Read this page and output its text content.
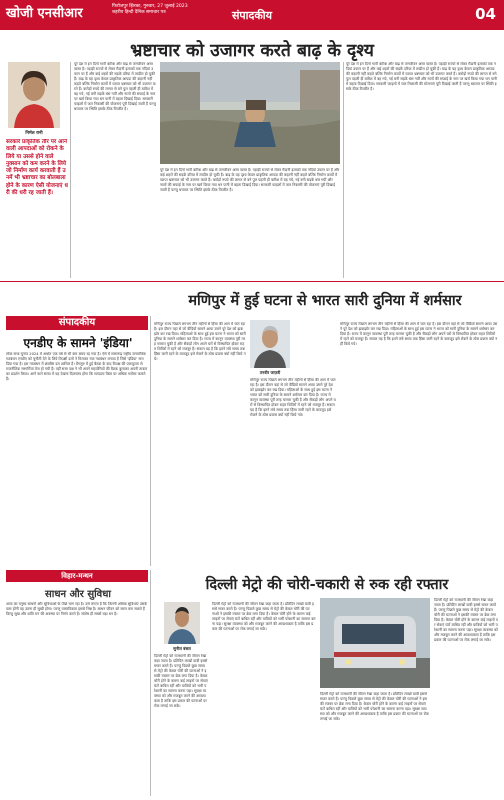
खोजी एनसीआर	फिरोजपुर झिरका, गुरुवार, 27 जुलाई 2023
शहरीय हिन्दी दैनिक समाचार पत्र	संपादकीय	04
भ्रष्टाचार को उजागर करते बाढ़ के दृश्य
निर्मल रानी
सरकारें प्राकृतिक तौर पर आने वाली आपदाओं को रोकने के लिये या उससे होने वाले नुक्सान को कम करने के लिये जो निर्माण कार्य करवाती हैं उनमें भी भ्रष्टाचार का बोलबाला होने के कारण ऐसी योजनाएं धरी की धरी रह जाती हैं।
पूरे देश में इन दिनों भारी बारिश और बाढ़ से जनजीवन अस्त व्यस्त है। पहाड़ी राज्यों से लेकर मैदानी इलाकों तक नदियां उफान पर हैं और कई शहरों की सड़कें दरिया में तब्दील हो चुकी हैं। बाढ़ के यह दृश्य केवल प्राकृतिक आपदा की कहानी नहीं कहते बल्कि निर्माण कार्यों में व्याप्त भ्रष्टाचार को भी उजागर करते हैं। करोड़ों रुपये की लागत से बने पुल पहली ही बारिश में बह गये, नई बनी सड़कें धंस गयीं और नालों की सफाई के नाम पर खर्च किया गया धन पानी में बहता दिखाई दिया। सरकारी फाइलों में जल निकासी की योजनाएं पूरी दिखाई जाती हैं परन्तु धरातल पर स्थिति इसके ठीक विपरीत है।
पूरे देश में इन दिनों भारी बारिश और बाढ़ से जनजीवन अस्त व्यस्त है। पहाड़ी राज्यों से लेकर मैदानी इलाकों तक नदियां उफान पर हैं और कई शहरों की सड़कें दरिया में तब्दील हो चुकी हैं। बाढ़ के यह दृश्य केवल प्राकृतिक आपदा की कहानी नहीं कहते बल्कि निर्माण कार्यों में व्याप्त भ्रष्टाचार को भी उजागर करते हैं। करोड़ों रुपये की लागत से बने पुल पहली ही बारिश में बह गये, नई बनी सड़कें धंस गयीं और नालों की सफाई के नाम पर खर्च किया गया धन पानी में बहता दिखाई दिया। सरकारी फाइलों में जल निकासी की योजनाएं पूरी दिखाई जाती हैं परन्तु धरातल पर स्थिति इसके ठीक विपरीत है।
पूरे देश में इन दिनों भारी बारिश और बाढ़ से जनजीवन अस्त व्यस्त है। पहाड़ी राज्यों से लेकर मैदानी इलाकों तक नदियां उफान पर हैं और कई शहरों की सड़कें दरिया में तब्दील हो चुकी हैं। बाढ़ के यह दृश्य केवल प्राकृतिक आपदा की कहानी नहीं कहते बल्कि निर्माण कार्यों में व्याप्त भ्रष्टाचार को भी उजागर करते हैं। करोड़ों रुपये की लागत से बने पुल पहली ही बारिश में बह गये, नई बनी सड़कें धंस गयीं और नालों की सफाई के नाम पर खर्च किया गया धन पानी में बहता दिखाई दिया। सरकारी फाइलों में जल निकासी की योजनाएं पूरी दिखाई जाती हैं परन्तु धरातल पर स्थिति इसके ठीक विपरीत है।
मणिपुर में हुई घटना से भारत सारी दुनिया में शर्मसार
संपादकीय
एनडीए के सामने 'इंडिया'
लोक सभा चुनाव 2024 में अर्थात एक वर्ष से भी कम समय रह गया है। ऐसे में सत्तारूढ़ राष्ट्रीय जनतांत्रिक गठबंधन एनडीए को चुनौती देने के लिये विपक्षी दलों ने मिलकर नया गठबंधन बनाया है जिसे 'इंडिया' नाम दिया गया है। इस गठबंधन में छब्बीस दल शामिल हैं। बेंगलुरु में हुई बैठक के बाद विपक्ष की एकजुटता से राजनीतिक सरगर्मियां तेज हो गयी हैं। वहीं सत्ता पक्ष ने भी अपने सहयोगियों की बैठक बुलाकर अपनी ताकत का प्रदर्शन किया। आने वाले समय में यह देखना दिलचस्प होगा कि मतदाता किस पर अधिक भरोसा जताते हैं।
तनवीर जाफ़री
मणिपुर राज्य पिछले लगभग तीन महीनों से हिंसा की आग में जल रहा है। इस दौरान वहां से जो वीडियो सामने आया उसने पूरे देश को झकझोर कर रख दिया। महिलाओं के साथ हुई इस घटना ने भारत को सारी दुनिया के सामने शर्मसार कर दिया है। राज्य में कानून व्यवस्था पूरी तरह चरमरा चुकी है और सैकड़ों लोग अपने घरों से विस्थापित होकर राहत शिविरों में रहने को मजबूर हैं। सवाल यह है कि इतने लंबे समय तक हिंसा जारी रहने के बावजूद इसे रोकने के ठोस प्रयास क्यों नहीं किये गये।
मणिपुर राज्य पिछले लगभग तीन महीनों से हिंसा की आग में जल रहा है। इस दौरान वहां से जो वीडियो सामने आया उसने पूरे देश को झकझोर कर रख दिया। महिलाओं के साथ हुई इस घटना ने भारत को सारी दुनिया के सामने शर्मसार कर दिया है। राज्य में कानून व्यवस्था पूरी तरह चरमरा चुकी है और सैकड़ों लोग अपने घरों से विस्थापित होकर राहत शिविरों में रहने को मजबूर हैं। सवाल यह है कि इतने लंबे समय तक हिंसा जारी रहने के बावजूद इसे रोकने के ठोस प्रयास क्यों नहीं किये गये।
मणिपुर राज्य पिछले लगभग तीन महीनों से हिंसा की आग में जल रहा है। इस दौरान वहां से जो वीडियो सामने आया उसने पूरे देश को झकझोर कर रख दिया। महिलाओं के साथ हुई इस घटना ने भारत को सारी दुनिया के सामने शर्मसार कर दिया है। राज्य में कानून व्यवस्था पूरी तरह चरमरा चुकी है और सैकड़ों लोग अपने घरों से विस्थापित होकर राहत शिविरों में रहने को मजबूर हैं। सवाल यह है कि इतने लंबे समय तक हिंसा जारी रहने के बावजूद इसे रोकने के ठोस प्रयास क्यों नहीं किये गये।
विहार-मन्थन
साधन और सुविधा
आज का मनुष्य साधनों और सुविधाओं के पीछे भाग रहा है। उसे लगता है कि जितनी अधिक सुविधाएं उसके पास होंगी वह उतना ही सुखी होगा। परन्तु वास्तविकता इससे भिन्न है। साधन जीवन को सरल बना सकते हैं किन्तु सुख और शांति मन की अवस्था पर निर्भर करते हैं। संतोष ही सबसे बड़ा धन है।
दिल्ली मेट्रो की चोरी-चकारी से रुक रही रफ्तार
सुनील बंसल
दिल्ली मेट्रो को राजधानी की जीवन रेखा कहा जाता है। प्रतिदिन लाखों यात्री इससे सफर करते हैं। परन्तु पिछले कुछ समय से मेट्रो की केबल चोरी की घटनाओं ने इसकी रफ्तार पर ब्रेक लगा दिया है। केबल चोरी होने के कारण कई लाइनों पर सेवाएं घंटों बाधित रहीं और यात्रियों को भारी परेशानी का सामना करना पड़ा। सुरक्षा व्यवस्था को और मजबूत करने की आवश्यकता है ताकि इस प्रकार की घटनाओं पर रोक लगाई जा सके।
दिल्ली मेट्रो को राजधानी की जीवन रेखा कहा जाता है। प्रतिदिन लाखों यात्री इससे सफर करते हैं। परन्तु पिछले कुछ समय से मेट्रो की केबल चोरी की घटनाओं ने इसकी रफ्तार पर ब्रेक लगा दिया है। केबल चोरी होने के कारण कई लाइनों पर सेवाएं घंटों बाधित रहीं और यात्रियों को भारी परेशानी का सामना करना पड़ा। सुरक्षा व्यवस्था को और मजबूत करने की आवश्यकता है ताकि इस प्रकार की घटनाओं पर रोक लगाई जा सके।
दिल्ली मेट्रो को राजधानी की जीवन रेखा कहा जाता है। प्रतिदिन लाखों यात्री इससे सफर करते हैं। परन्तु पिछले कुछ समय से मेट्रो की केबल चोरी की घटनाओं ने इसकी रफ्तार पर ब्रेक लगा दिया है। केबल चोरी होने के कारण कई लाइनों पर सेवाएं घंटों बाधित रहीं और यात्रियों को भारी परेशानी का सामना करना पड़ा। सुरक्षा व्यवस्था को और मजबूत करने की आवश्यकता है ताकि इस प्रकार की घटनाओं पर रोक लगाई जा सके।
दिल्ली मेट्रो को राजधानी की जीवन रेखा कहा जाता है। प्रतिदिन लाखों यात्री इससे सफर करते हैं। परन्तु पिछले कुछ समय से मेट्रो की केबल चोरी की घटनाओं ने इसकी रफ्तार पर ब्रेक लगा दिया है। केबल चोरी होने के कारण कई लाइनों पर सेवाएं घंटों बाधित रहीं और यात्रियों को भारी परेशानी का सामना करना पड़ा। सुरक्षा व्यवस्था को और मजबूत करने की आवश्यकता है ताकि इस प्रकार की घटनाओं पर रोक लगाई जा सके।
